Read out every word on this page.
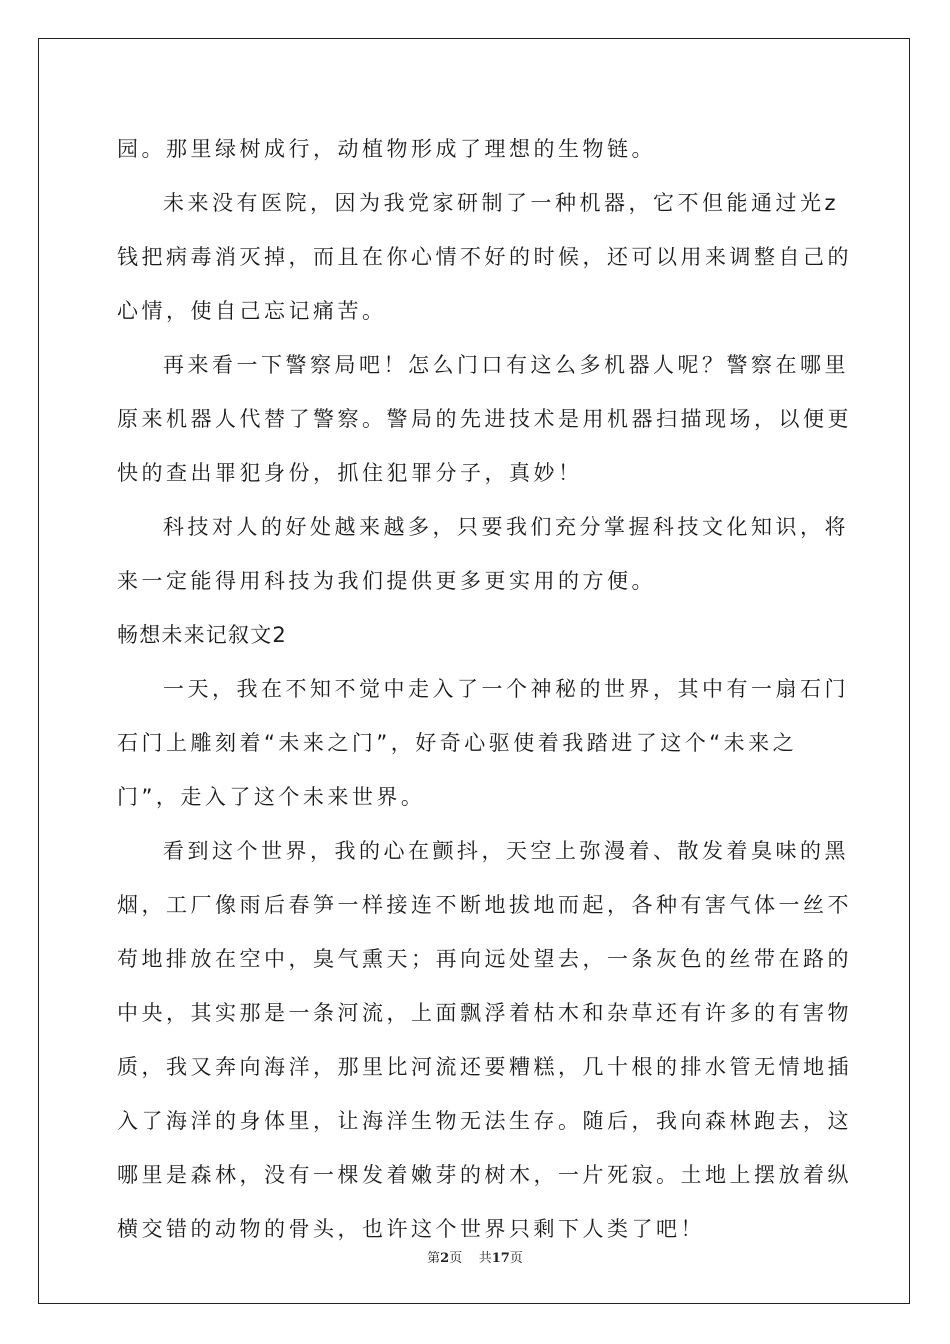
园。那里绿树成行，动植物形成了理想的生物链。
未来没有医院，因为我党家研制了一种机器，它不但能通过光z
钱把病毒消灭掉，而且在你心情不好的时候，还可以用来调整自己的
心情，使自己忘记痛苦。
再来看一下警察局吧！怎么门口有这么多机器人呢？警察在哪里
原来机器人代替了警察。警局的先进技术是用机器扫描现场，以便更
快的查出罪犯身份，抓住犯罪分子，真妙！
科技对人的好处越来越多，只要我们充分掌握科技文化知识，将
来一定能得用科技为我们提供更多更实用的方便。
畅想未来记叙文2
一天，我在不知不觉中走入了一个神秘的世界，其中有一扇石门
石门上雕刻着“未来之门”，好奇心驱使着我踏进了这个“未来之
门”，走入了这个未来世界。
看到这个世界，我的心在颤抖，天空上弥漫着、散发着臭味的黑
烟，工厂像雨后春笋一样接连不断地拔地而起，各种有害气体一丝不
苟地排放在空中，臭气熏天；再向远处望去，一条灰色的丝带在路的
中央，其实那是一条河流，上面飘浮着枯木和杂草还有许多的有害物
质，我又奔向海洋，那里比河流还要糟糕，几十根的排水管无情地插
入了海洋的身体里，让海洋生物无法生存。随后，我向森林跑去，这
哪里是森林，没有一棵发着嫩芽的树木，一片死寂。土地上摆放着纵
横交错的动物的骨头，也许这个世界只剩下人类了吧！
第2页 共17页
